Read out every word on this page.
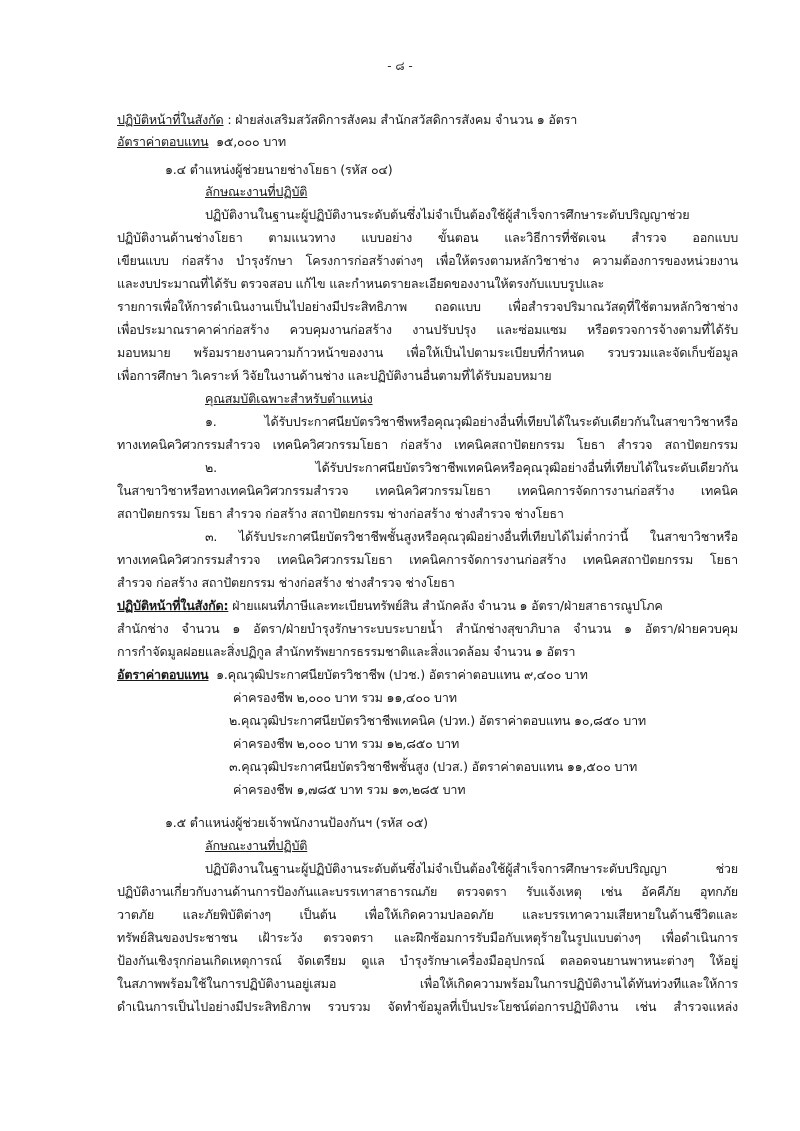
- ๘ -
ปฏิบัติหน้าที่ในสังกัด : ฝ่ายส่งเสริมสวัสดิการสังคม สำนักสวัสดิการสังคม จำนวน ๑ อัตรา
อัตราค่าตอบแทน ๑๕,๐๐๐ บาท
๑.๔ ตำแหน่งผู้ช่วยนายช่างโยธา (รหัส ๐๔)
ลักษณะงานที่ปฏิบัติ
ปฏิบัติงานในฐานะผู้ปฏิบัติงานระดับต้นซึ่งไม่จำเป็นต้องใช้ผู้สำเร็จการศึกษาระดับปริญญาช่วย
ปฏิบัติงานด้านช่างโยธา ตามแนวทาง แบบอย่าง ขั้นตอน และวิธีการที่ชัดเจน สำรวจ ออกแบบ
เขียนแบบ ก่อสร้าง บำรุงรักษา โครงการก่อสร้างต่างๆ เพื่อให้ตรงตามหลักวิชาช่าง ความต้องการของหน่วยงาน
และงบประมาณที่ได้รับ ตรวจสอบ แก้ไข และกำหนดรายละเอียดของงานให้ตรงกับแบบรูปและ
รายการเพื่อให้การดำเนินงานเป็นไปอย่างมีประสิทธิภาพ ถอดแบบ เพื่อสำรวจปริมาณวัสดุที่ใช้ตามหลักวิชาช่าง
เพื่อประมาณราคาค่าก่อสร้าง ควบคุมงานก่อสร้าง งานปรับปรุง และซ่อมแซม หรือตรวจการจ้างตามที่ได้รับ
มอบหมาย พร้อมรายงานความก้าวหน้าของงาน เพื่อให้เป็นไปตามระเบียบที่กำหนด รวบรวมและจัดเก็บข้อมูล
เพื่อการศึกษา วิเคราะห์ วิจัยในงานด้านช่าง และปฏิบัติงานอื่นตามที่ได้รับมอบหมาย
คุณสมบัติเฉพาะสำหรับตำแหน่ง
๑. ได้รับประกาศนียบัตรวิชาชีพหรือคุณวุฒิอย่างอื่นที่เทียบได้ในระดับเดียวกันในสาขาวิชาหรือ
ทางเทคนิควิศวกรรมสำรวจ เทคนิควิศวกรรมโยธา ก่อสร้าง เทคนิคสถาปัตยกรรม โยธา สำรวจ สถาปัตยกรรม
๒. ได้รับประกาศนียบัตรวิชาชีพเทคนิคหรือคุณวุฒิอย่างอื่นที่เทียบได้ในระดับเดียวกัน
ในสาขาวิชาหรือทางเทคนิควิศวกรรมสำรวจ เทคนิควิศวกรรมโยธา เทคนิคการจัดการงานก่อสร้าง เทคนิค
สถาปัตยกรรม โยธา สำรวจ ก่อสร้าง สถาปัตยกรรม ช่างก่อสร้าง ช่างสำรวจ ช่างโยธา
๓. ได้รับประกาศนียบัตรวิชาชีพชั้นสูงหรือคุณวุฒิอย่างอื่นที่เทียบได้ไม่ต่ำกว่านี้ ในสาขาวิชาหรือ
ทางเทคนิควิศวกรรมสำรวจ เทคนิควิศวกรรมโยธา เทคนิคการจัดการงานก่อสร้าง เทคนิคสถาปัตยกรรม โยธา
สำรวจ ก่อสร้าง สถาปัตยกรรม ช่างก่อสร้าง ช่างสำรวจ ช่างโยธา
ปฏิบัติหน้าที่ในสังกัด: ฝ่ายแผนที่ภาษีและทะเบียนทรัพย์สิน สำนักคลัง จำนวน ๑ อัตรา/ฝ่ายสาธารณูปโภค
สำนักช่าง จำนวน ๑ อัตรา/ฝ่ายบำรุงรักษาระบบระบายน้ำ สำนักช่างสุขาภิบาล จำนวน ๑ อัตรา/ฝ่ายควบคุม
การกำจัดมูลฝอยและสิ่งปฏิกูล สำนักทรัพยากรธรรมชาติและสิ่งแวดล้อม จำนวน ๑ อัตรา
อัตราค่าตอบแทน ๑.คุณวุฒิประกาศนียบัตรวิชาชีพ (ปวช.) อัตราค่าตอบแทน ๙,๔๐๐ บาท
ค่าครองชีพ ๒,๐๐๐ บาท รวม ๑๑,๔๐๐ บาท
๒.คุณวุฒิประกาศนียบัตรวิชาชีพเทคนิค (ปวท.) อัตราค่าตอบแทน ๑๐,๘๕๐ บาท
ค่าครองชีพ ๒,๐๐๐ บาท รวม ๑๒,๘๕๐ บาท
๓.คุณวุฒิประกาศนียบัตรวิชาชีพชั้นสูง (ปวส.) อัตราค่าตอบแทน ๑๑,๕๐๐ บาท
ค่าครองชีพ ๑,๗๘๕ บาท รวม ๑๓,๒๘๕ บาท
๑.๕ ตำแหน่งผู้ช่วยเจ้าพนักงานป้องกันฯ (รหัส ๐๕)
ลักษณะงานที่ปฏิบัติ
ปฏิบัติงานในฐานะผู้ปฏิบัติงานระดับต้นซึ่งไม่จำเป็นต้องใช้ผู้สำเร็จการศึกษาระดับปริญญา ช่วย
ปฏิบัติงานเกี่ยวกับงานด้านการป้องกันและบรรเทาสาธารณภัย ตรวจตรา รับแจ้งเหตุ เช่น อัคคีภัย อุทกภัย
วาตภัย และภัยพิบัติต่างๆ เป็นต้น เพื่อให้เกิดความปลอดภัย และบรรเทาความเสียหายในด้านชีวิตและ
ทรัพย์สินของประชาชน เฝ้าระวัง ตรวจตรา และฝึกซ้อมการรับมือกับเหตุร้ายในรูปแบบต่างๆ เพื่อดำเนินการ
ป้องกันเชิงรุกก่อนเกิดเหตุการณ์ จัดเตรียม ดูแล บำรุงรักษาเครื่องมืออุปกรณ์ ตลอดจนยานพาหนะต่างๆ ให้อยู่
ในสภาพพร้อมใช้ในการปฏิบัติงานอยู่เสมอ เพื่อให้เกิดความพร้อมในการปฏิบัติงานได้ทันท่วงทีและให้การ
ดำเนินการเป็นไปอย่างมีประสิทธิภาพ รวบรวม จัดทำข้อมูลที่เป็นประโยชน์ต่อการปฏิบัติงาน เช่น สำรวจแหล่ง
